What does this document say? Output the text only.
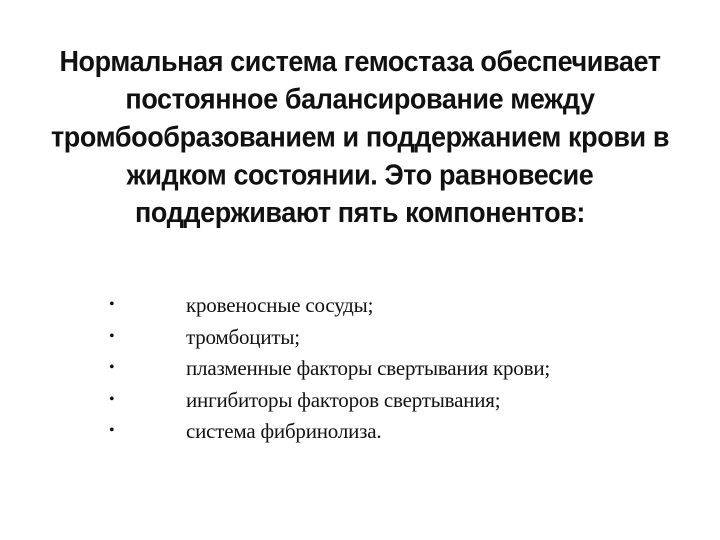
Нормальная система гемостаза обеспечивает
постоянное балансирование между
тромбообразованием и поддержанием крови в
жидком состоянии. Это равновесие
поддерживают пять компонентов:
•	кровеносные сосуды;
•	тромбоциты;
•	плазменные факторы свертывания крови;
•	ингибиторы факторов свертывания;
•	система фибринолиза.
